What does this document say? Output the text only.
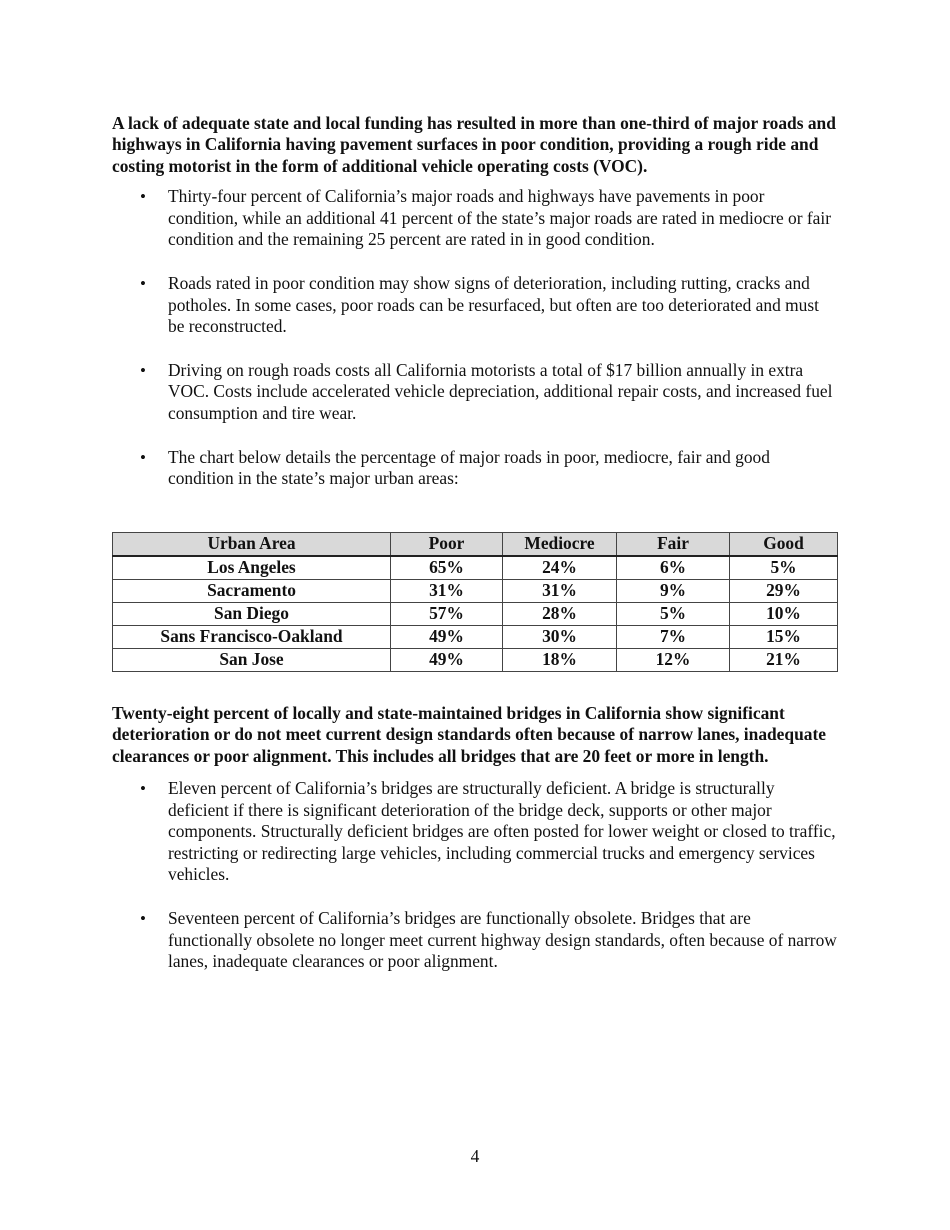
A lack of adequate state and local funding has resulted in more than one-third of major roads and highways in California having pavement surfaces in poor condition, providing a rough ride and costing motorist in the form of additional vehicle operating costs (VOC).

• Thirty-four percent of California’s major roads and highways have pavements in poor condition, while an additional 41 percent of the state’s major roads are rated in mediocre or fair condition and the remaining 25 percent are rated in in good condition.
• Roads rated in poor condition may show signs of deterioration, including rutting, cracks and potholes. In some cases, poor roads can be resurfaced, but often are too deteriorated and must be reconstructed.
• Driving on rough roads costs all California motorists a total of $17 billion annually in extra VOC. Costs include accelerated vehicle depreciation, additional repair costs, and increased fuel consumption and tire wear.
• The chart below details the percentage of major roads in poor, mediocre, fair and good condition in the state’s major urban areas:
Urban Area	Poor	Mediocre	Fair	Good
Los Angeles	65%	24%	6%	5%
Sacramento	31%	31%	9%	29%
San Diego	57%	28%	5%	10%
Sans Francisco-Oakland	49%	30%	7%	15%
San Jose	49%	18%	12%	21%

Twenty-eight percent of locally and state-maintained bridges in California show significant deterioration or do not meet current design standards often because of narrow lanes, inadequate clearances or poor alignment. This includes all bridges that are 20 feet or more in length.

• Eleven percent of California’s bridges are structurally deficient. A bridge is structurally deficient if there is significant deterioration of the bridge deck, supports or other major components. Structurally deficient bridges are often posted for lower weight or closed to traffic, restricting or redirecting large vehicles, including commercial trucks and emergency services vehicles.
• Seventeen percent of California’s bridges are functionally obsolete. Bridges that are functionally obsolete no longer meet current highway design standards, often because of narrow lanes, inadequate clearances or poor alignment.
4
